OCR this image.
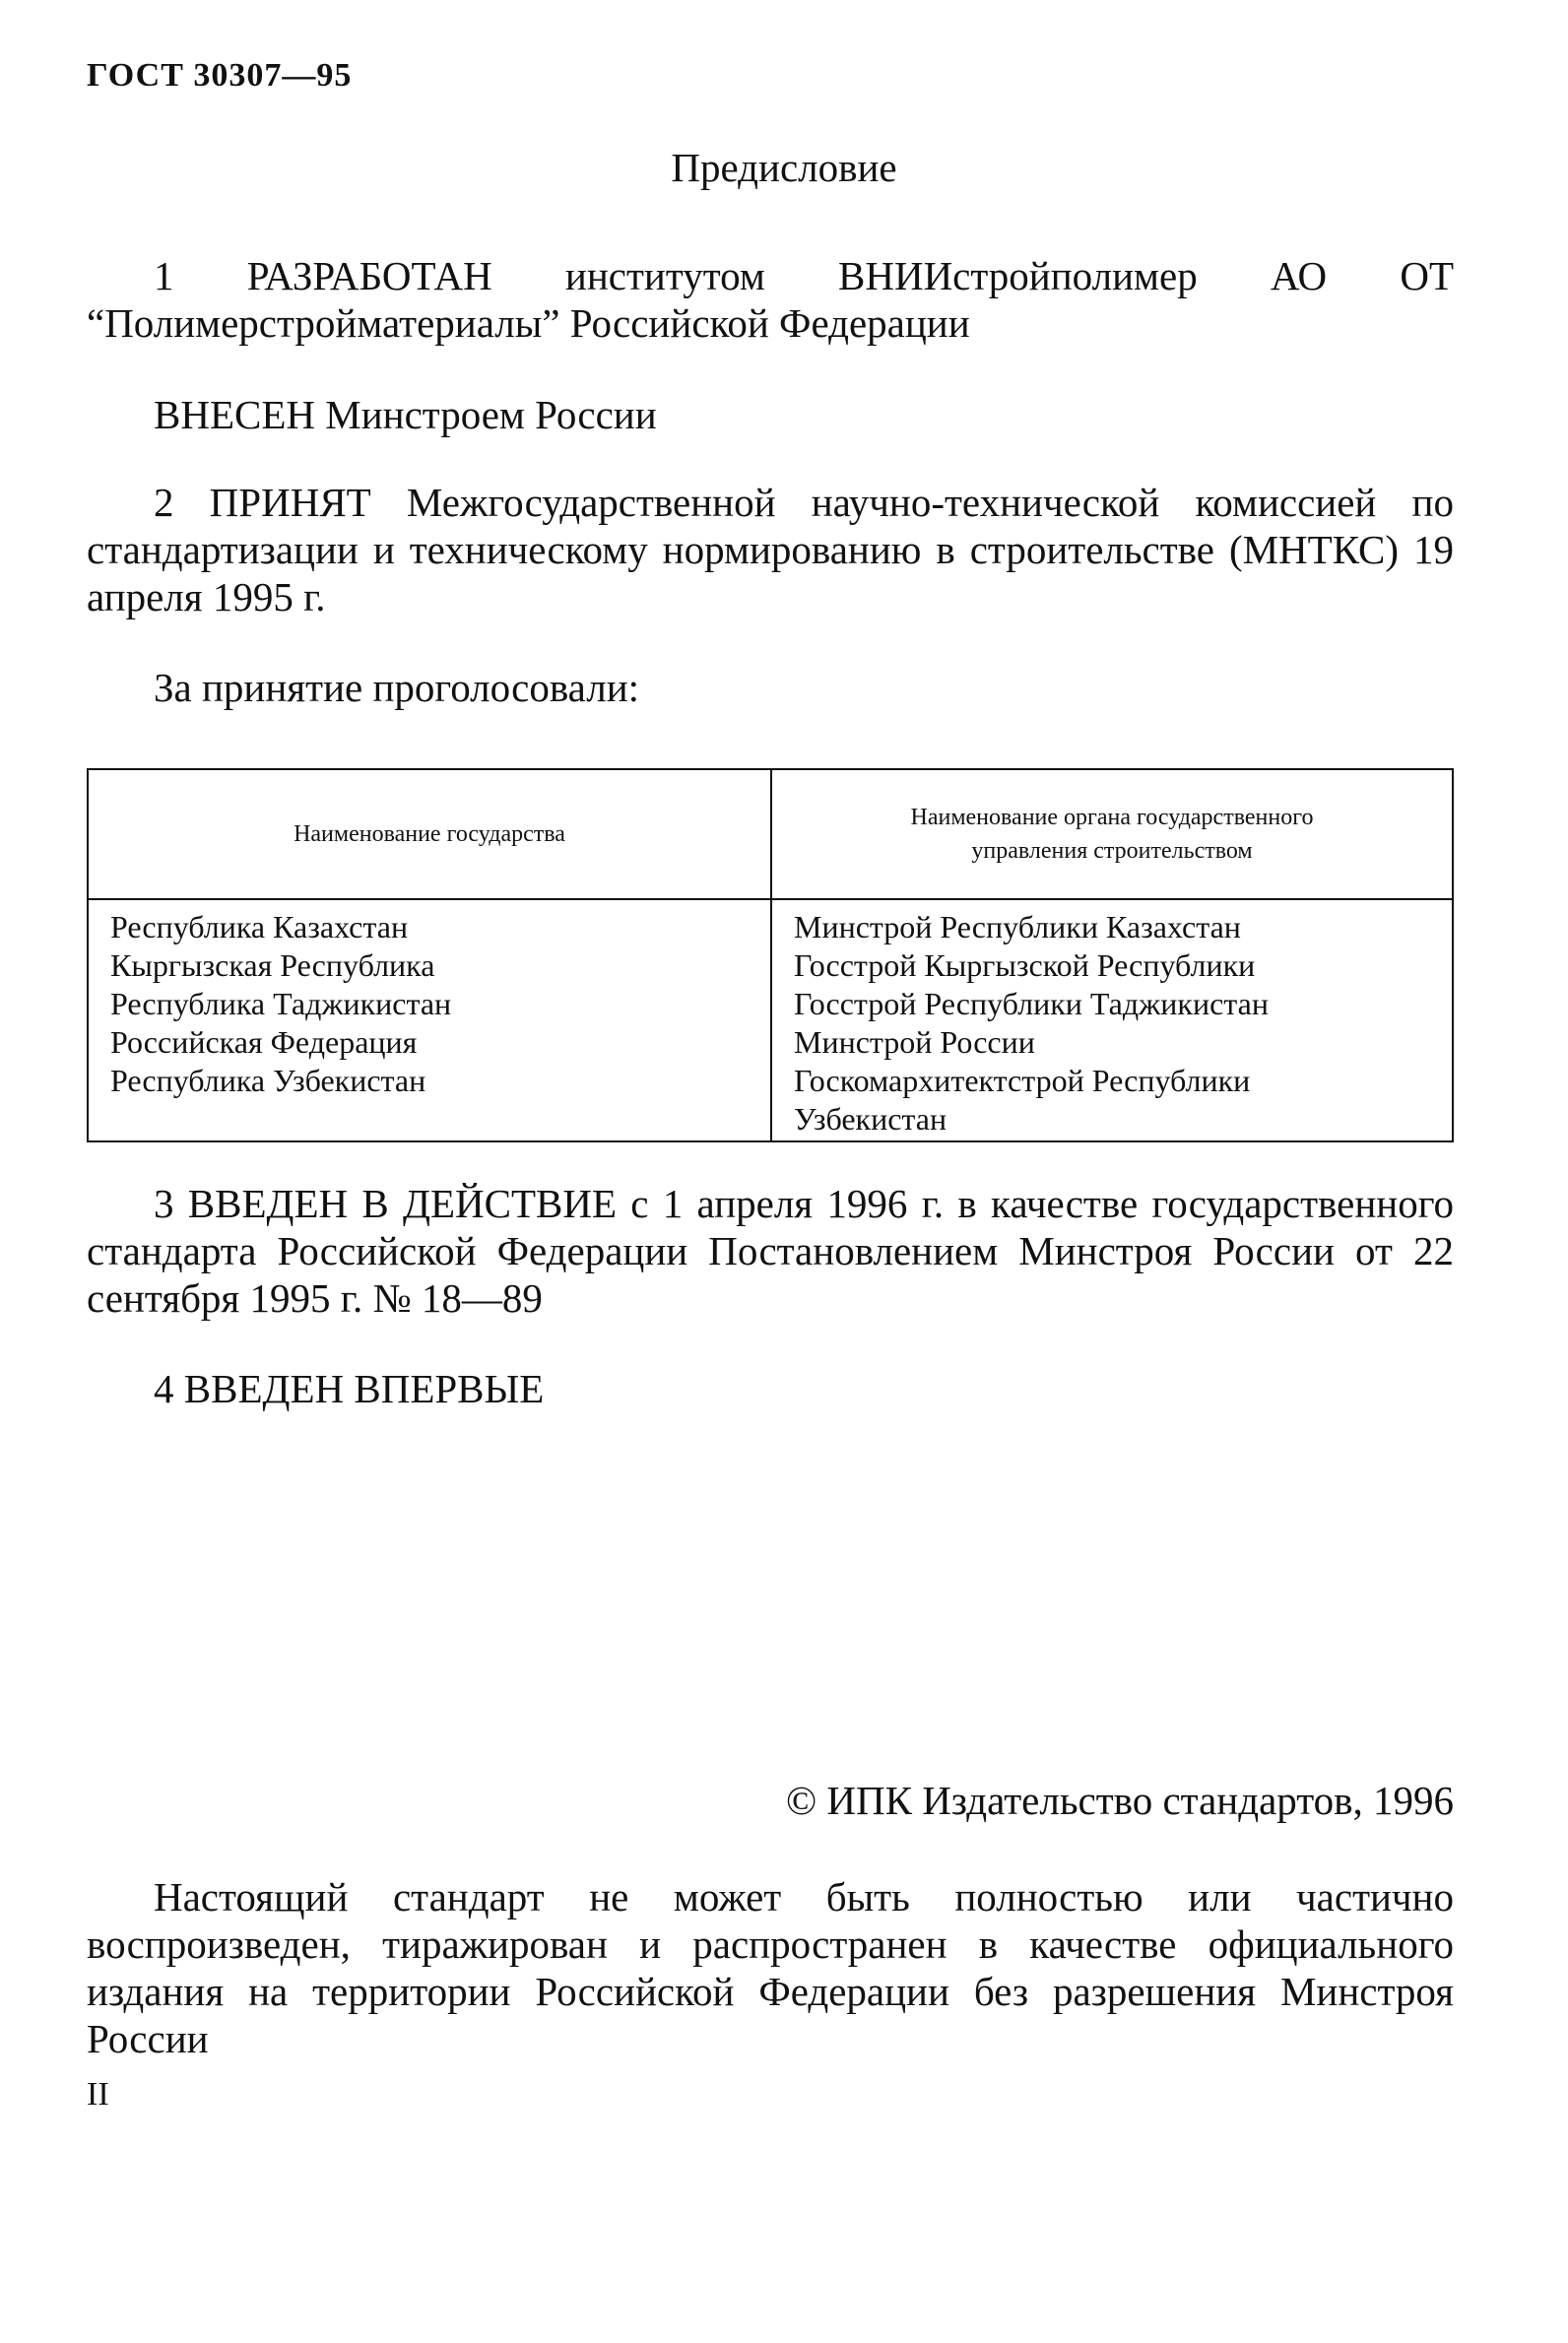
ГОСТ 30307—95
Предисловие

1 РАЗРАБОТАН институтом ВНИИстройполимер АО ОТ “Полимерстройматериалы” Российской Федерации

ВНЕСЕН Минстроем России

2 ПРИНЯТ Межгосударственной научно-технической комиссией по стандартизации и техническому нормированию в строительстве (МНТКС) 19 апреля 1995 г.

За принятие проголосовали:

Наименование государства
Наименование органа государственного управления строительством
Республика Казахстан
Кыргызская Республика
Республика Таджикистан
Российская Федерация
Республика Узбекистан
Минстрой Республики Казахстан
Госстрой Кыргызской Республики
Госстрой Республики Таджикистан
Минстрой России
Госкомархитектстрой Республики
Узбекистан

3 ВВЕДЕН В ДЕЙСТВИЕ с 1 апреля 1996 г. в качестве государственного стандарта Российской Федерации Постановлением Минстроя России от 22 сентября 1995 г. № 18—89

4 ВВЕДЕН ВПЕРВЫЕ

© ИПК Издательство стандартов, 1996

Настоящий стандарт не может быть полностью или частично воспроизведен, тиражирован и распространен в качестве официального издания на территории Российской Федерации без разрешения Минстроя России

II
